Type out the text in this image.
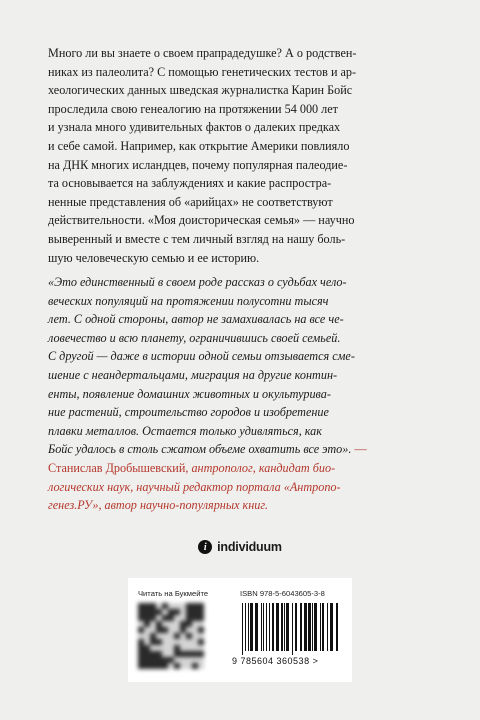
Много ли вы знаете о своем прапрадедушке? А о родствен-
никах из палеолита? С помощью генетических тестов и ар-
хеологических данных шведская журналистка Карин Бойс
проследила свою генеалогию на протяжении 54 000 лет
и узнала много удивительных фактов о далеких предках
и себе самой. Например, как открытие Америки повлияло
на ДНК многих исландцев, почему популярная палеодие-
та основывается на заблуждениях и какие распростра-
ненные представления об «арийцах» не соответствуют
действительности. «Моя доисторическая семья» — научно
выверенный и вместе с тем личный взгляд на нашу боль-
шую человеческую семью и ее историю.
«Это единственный в своем роде рассказ о судьбах чело-
веческих популяций на протяжении полусотни тысяч
лет. С одной стороны, автор не замахивалась на все че-
ловечество и всю планету, ограничившись своей семьей.
С другой — даже в истории одной семьи отзывается сме-
шение с неандертальцами, миграция на другие контин-
енты, появление домашних животных и окультурива-
ние растений, строительство городов и изобретение
плавки металлов. Остается только удивляться, как
Бойс удалось в столь сжатом объеме охватить все это». —
Станислав Дробышевский, антрополог, кандидат био-
логических наук, научный редактор портала «Антропо-
генез.РУ», автор научно-популярных книг.
i individuum
Читать на Букмейте	ISBN 978-5-6043605-3-8
9 785604 360538 >
